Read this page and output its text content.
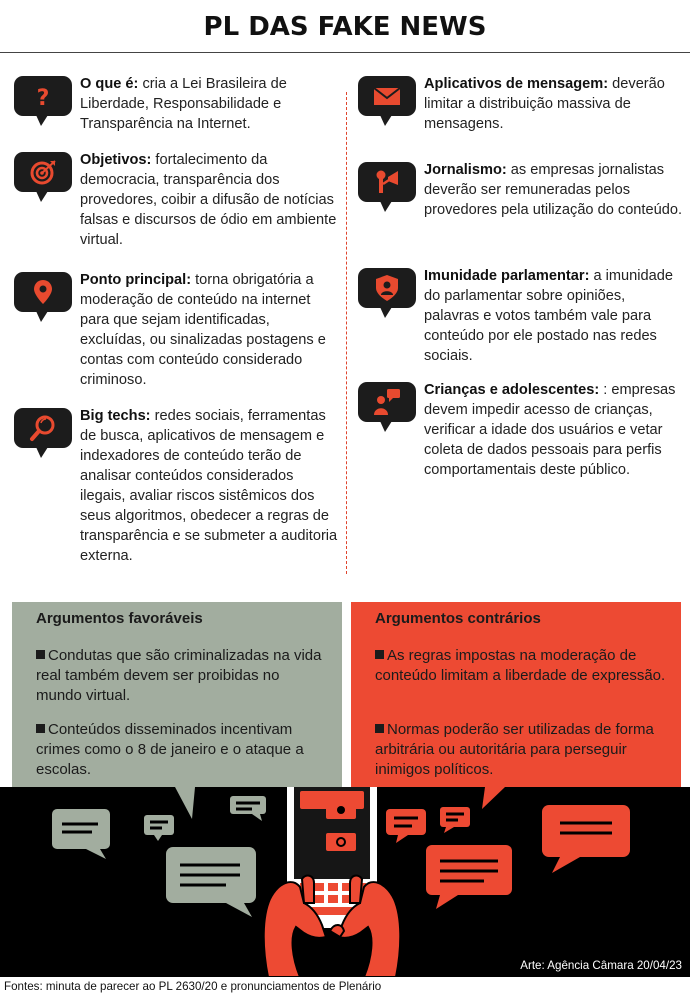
PL DAS FAKE NEWS
?
O que é: cria a Lei Brasileira de Liberdade, Responsabilidade e Transparência na Internet.
Objetivos: fortalecimento da democracia, transparência dos provedores, coibir a difusão de notícias falsas e discursos de ódio em ambiente virtual.
Ponto principal: torna obrigatória a moderação de conteúdo na internet para que sejam identificadas, excluídas, ou sinalizadas postagens e contas com conteúdo considerado criminoso.
Big techs: redes sociais, ferramentas de busca, aplicativos de mensagem e indexadores de conteúdo terão de analisar conteúdos considerados ilegais, avaliar riscos sistêmicos dos seus algoritmos, obedecer a regras de transparência e se submeter a auditoria externa.
Aplicativos de mensagem: deverão limitar a distribuição massiva de mensagens.
Jornalismo: as empresas jornalistas deverão ser remuneradas pelos provedores pela utilização do conteúdo.
Imunidade parlamentar: a imunidade do parlamentar sobre opiniões, palavras e votos também vale para conteúdo por ele postado nas redes sociais.
Crianças e adolescentes: : empresas devem impedir acesso de crianças, verificar a idade dos usuários e vetar coleta de dados pessoais para perfis comportamentais deste público.
Argumentos favoráveis
Condutas que são criminalizadas na vida real também devem ser proibidas no mundo virtual.
Conteúdos disseminados incentivam crimes como o 8 de janeiro e o ataque a escolas.
Argumentos contrários
As regras impostas na moderação de conteúdo limitam a liberdade de expressão.
Normas poderão ser utilizadas de forma arbitrária ou autoritária para perseguir inimigos políticos.
Arte: Agência Câmara 20/04/23
Fontes: minuta de parecer ao PL 2630/20 e pronunciamentos de Plenário
